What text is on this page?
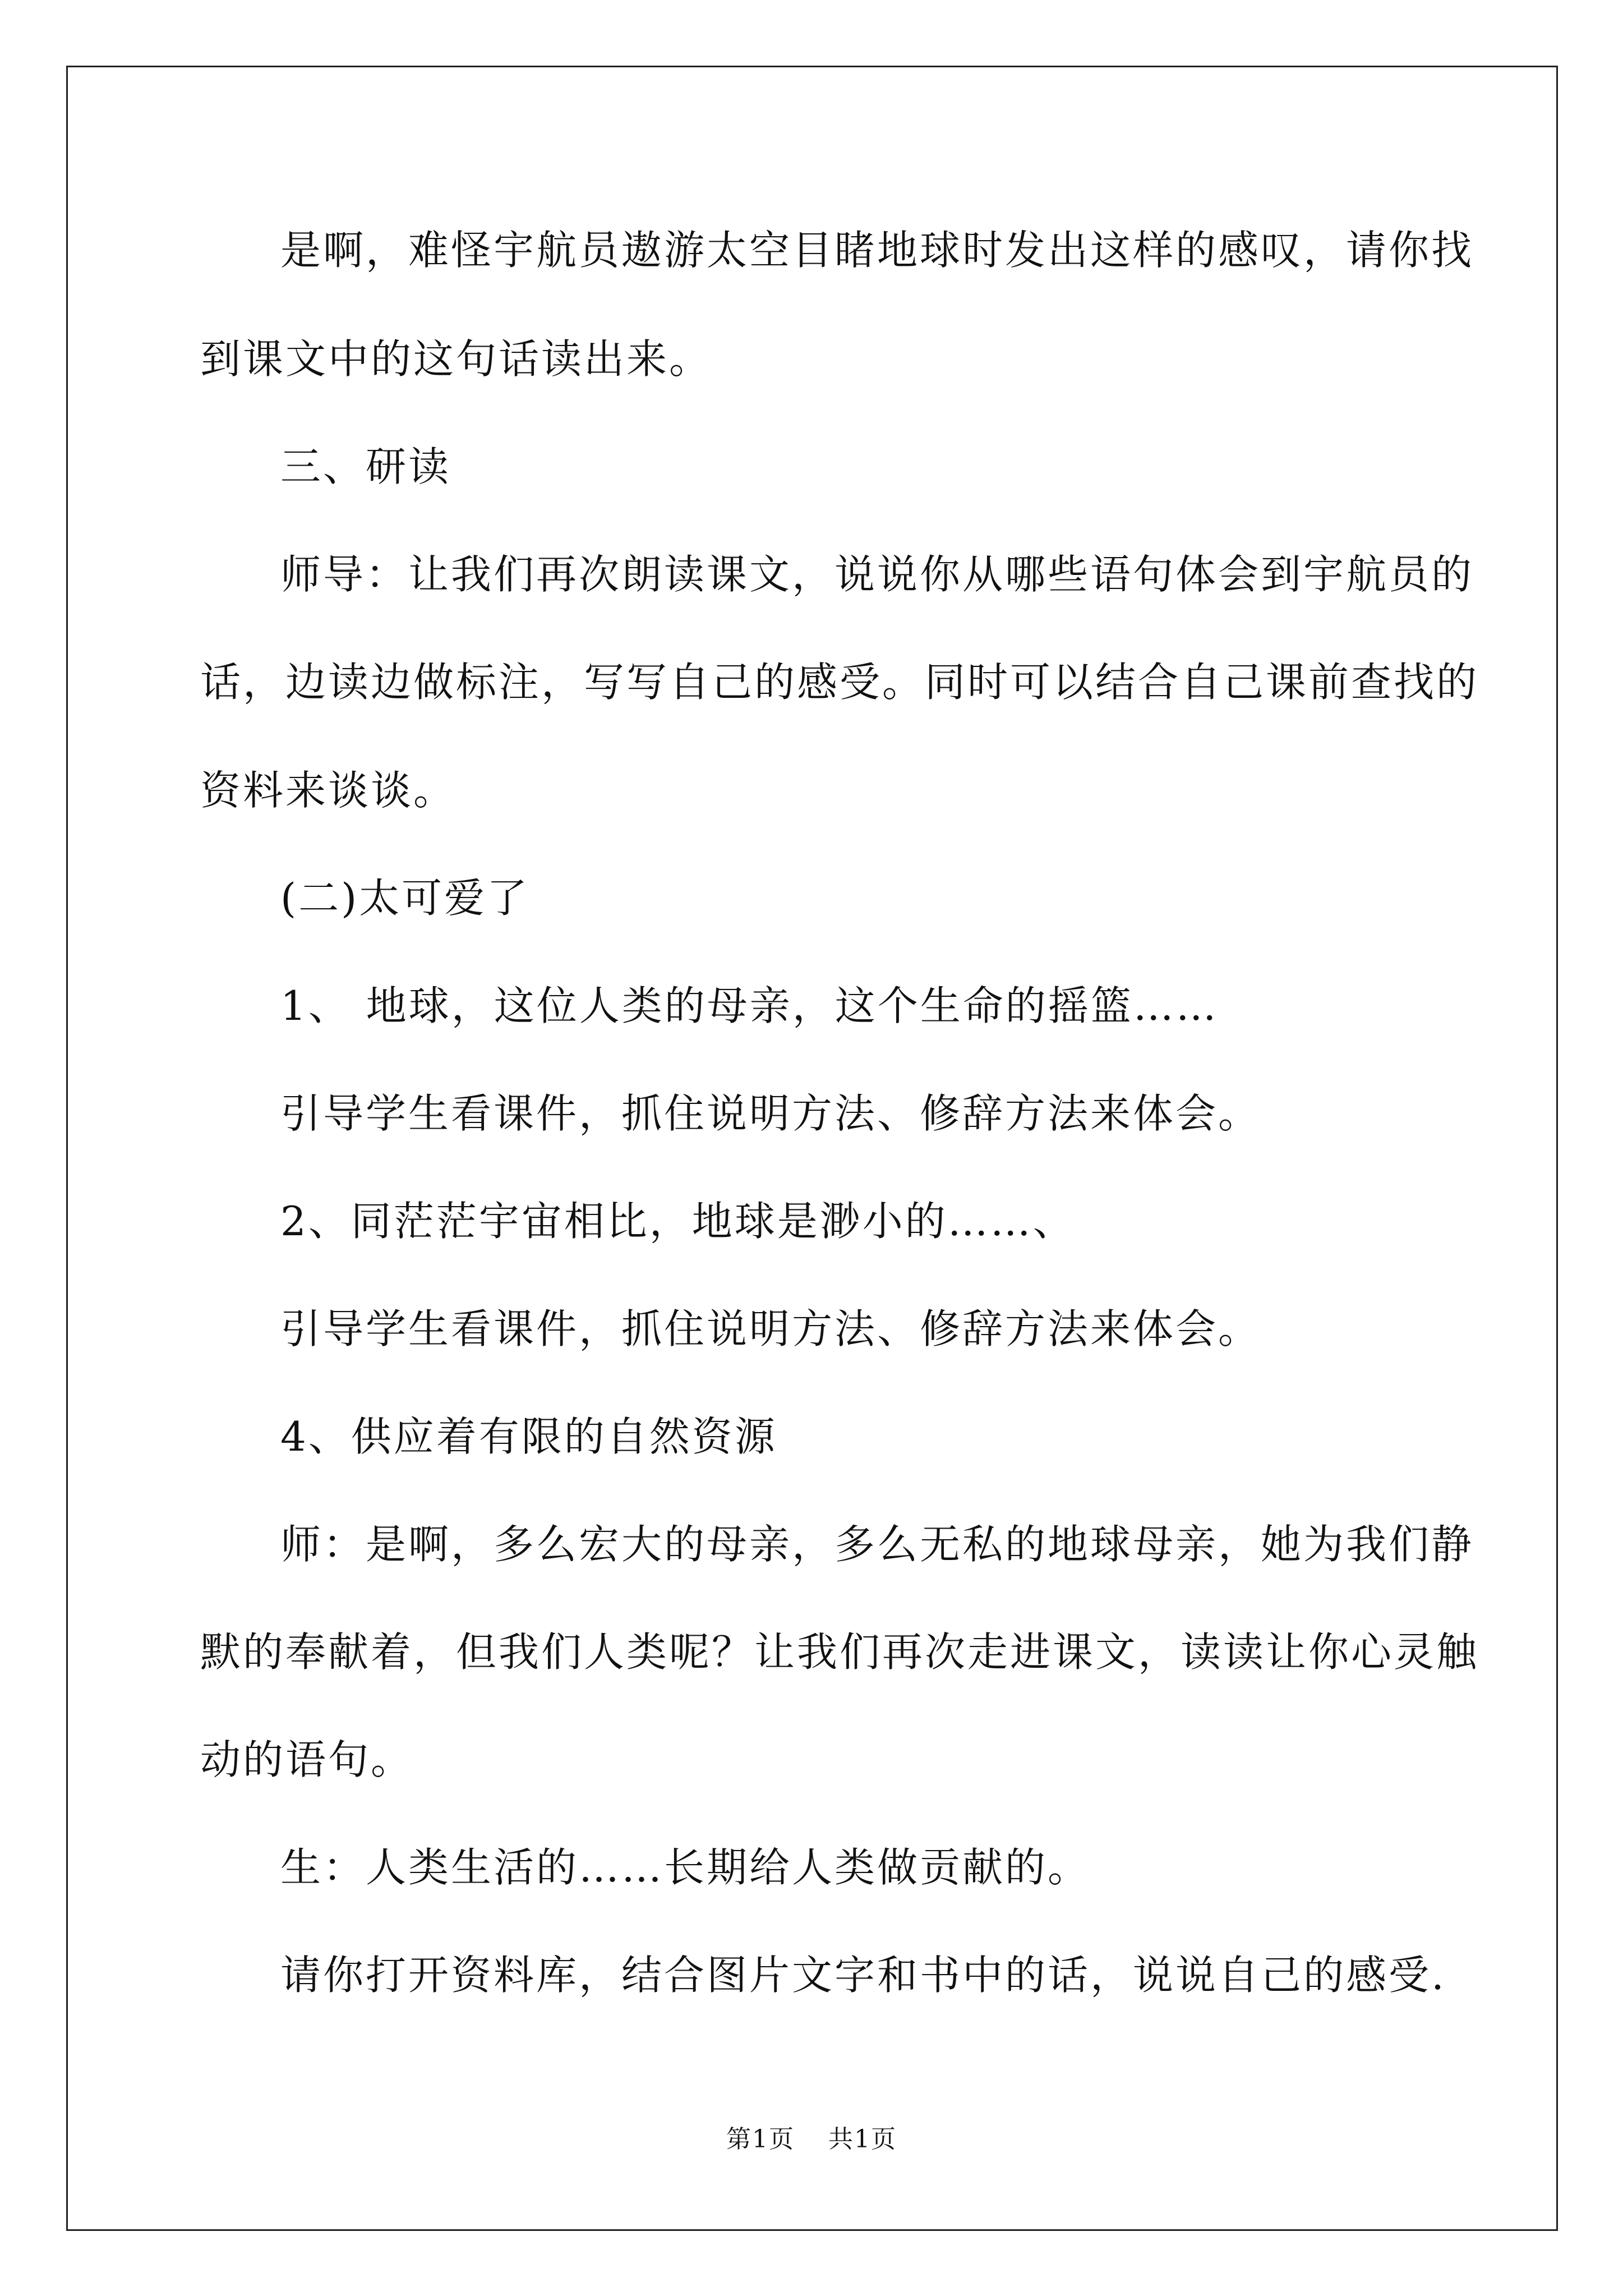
是啊，难怪宇航员遨游太空目睹地球时发出这样的感叹，请你找

到课文中的这句话读出来。

三、研读

师导：让我们再次朗读课文，说说你从哪些语句体会到宇航员的

话，边读边做标注，写写自己的感受。同时可以结合自己课前查找的

资料来谈谈。

(二)太可爱了

1、 地球，这位人类的母亲，这个生命的摇篮……

引导学生看课件，抓住说明方法、修辞方法来体会。

2、同茫茫宇宙相比，地球是渺小的……、

引导学生看课件，抓住说明方法、修辞方法来体会。

4、供应着有限的自然资源

师：是啊，多么宏大的母亲，多么无私的地球母亲，她为我们静

默的奉献着，但我们人类呢？让我们再次走进课文，读读让你心灵触

动的语句。

生：人类生活的……长期给人类做贡献的。

请你打开资料库，结合图片文字和书中的话，说说自己的感受.

第1页 共1页
